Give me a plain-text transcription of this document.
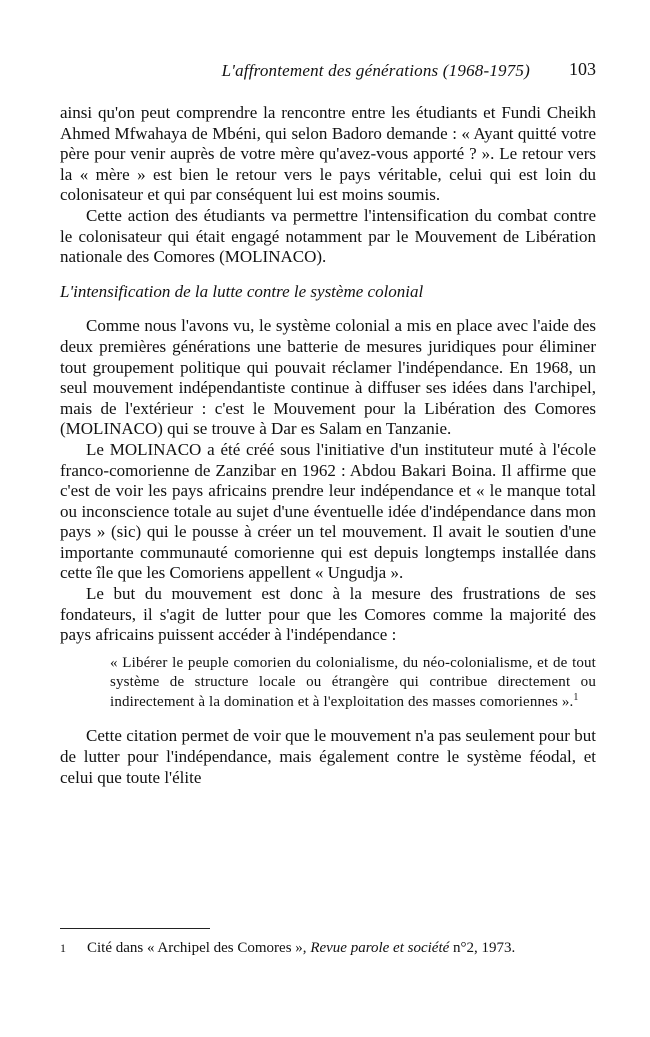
L'affrontement des générations (1968-1975) 103

ainsi qu'on peut comprendre la rencontre entre les étudiants et Fundi Cheikh Ahmed Mfwahaya de Mbéni, qui selon Badoro demande : « Ayant quitté votre père pour venir auprès de votre mère qu'avez-vous apporté ? ». Le retour vers la « mère » est bien le retour vers le pays véritable, celui qui est loin du colonisateur et qui par conséquent lui est moins soumis.

Cette action des étudiants va permettre l'intensification du combat contre le colonisateur qui était engagé notamment par le Mouvement de Libération nationale des Comores (MOLINACO).

L'intensification de la lutte contre le système colonial

Comme nous l'avons vu, le système colonial a mis en place avec l'aide des deux premières générations une batterie de mesures juridiques pour éliminer tout groupement politique qui pouvait réclamer l'indépendance. En 1968, un seul mouvement indépendantiste continue à diffuser ses idées dans l'archipel, mais de l'extérieur : c'est le Mouvement pour la Libération des Comores (MOLINACO) qui se trouve à Dar es Salam en Tanzanie.

Le MOLINACO a été créé sous l'initiative d'un instituteur muté à l'école franco-comorienne de Zanzibar en 1962 : Abdou Bakari Boina. Il affirme que c'est de voir les pays africains prendre leur indépendance et « le manque total ou inconscience totale au sujet d'une éventuelle idée d'indépendance dans mon pays » (sic) qui le pousse à créer un tel mouvement. Il avait le soutien d'une importante communauté comorienne qui est depuis longtemps installée dans cette île que les Comoriens appellent « Ungudja ».

Le but du mouvement est donc à la mesure des frustrations de ses fondateurs, il s'agit de lutter pour que les Comores comme la majorité des pays africains puissent accéder à l'indépendance :

« Libérer le peuple comorien du colonialisme, du néo-colonialisme, et de tout système de structure locale ou étrangère qui contribue directement ou indirectement à la domination et à l'exploitation des masses comoriennes ».$^1$

Cette citation permet de voir que le mouvement n'a pas seulement pour but de lutter pour l'indépendance, mais également contre le système féodal, et celui que toute l'élite

1 Cité dans « Archipel des Comores », Revue parole et société n°2, 1973.
